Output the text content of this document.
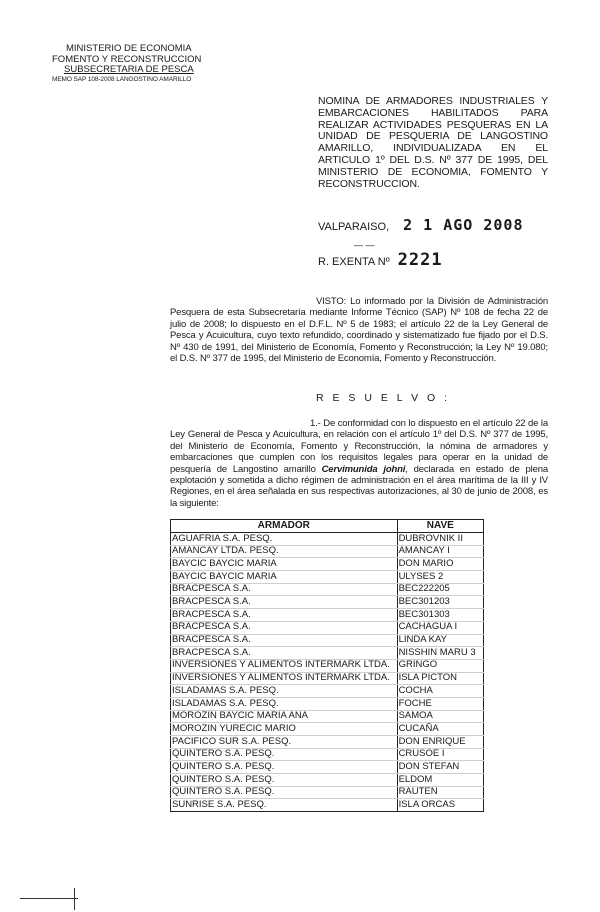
MINISTERIO DE ECONOMIA
FOMENTO Y RECONSTRUCCION
SUBSECRETARIA DE PESCA
MEMO SAP 108-2008 LANGOSTINO AMARILLO
NOMINA DE ARMADORES INDUSTRIALES Y EMBARCACIONES HABILITADOS PARA REALIZAR ACTIVIDADES PESQUERAS EN LA UNIDAD DE PESQUERIA DE LANGOSTINO AMARILLO, INDIVIDUALIZADA EN EL ARTICULO 1º DEL D.S. Nº 377 DE 1995, DEL MINISTERIO DE ECONOMIA, FOMENTO Y RECONSTRUCCION.
VALPARAISO, 2 1 AGO 2008
— —
R. EXENTA Nº 2221
VISTO: Lo informado por la División de Administración Pesquera de esta Subsecretaría mediante Informe Técnico (SAP) Nº 108 de fecha 22 de julio de 2008; lo dispuesto en el D.F.L. Nº 5 de 1983; el artículo 22 de la Ley General de Pesca y Acuicultura, cuyo texto refundido, coordinado y sistematizado fue fijado por el D.S. Nº 430 de 1991, del Ministerio de Economía, Fomento y Reconstrucción; la Ley Nº 19.080; el D.S. Nº 377 de 1995, del Ministerio de Economía, Fomento y Reconstrucción.
R E S U E L V O :
1.- De conformidad con lo dispuesto en el artículo 22 de la Ley General de Pesca y Acuicultura, en relación con el artículo 1º del D.S. Nº 377 de 1995, del Ministerio de Economía, Fomento y Reconstrucción, la nómina de armadores y embarcaciones que cumplen con los requisitos legales para operar en la unidad de pesquería de Langostino amarillo Cervimunida johni, declarada en estado de plena explotación y sometida a dicho régimen de administración en el área marítima de la III y IV Regiones, en el área señalada en sus respectivas autorizaciones, al 30 de junio de 2008, es la siguiente:
ARMADOR	NAVE
AGUAFRIA S.A. PESQ.	DUBROVNIK II
AMANCAY LTDA. PESQ.	AMANCAY I
BAYCIC BAYCIC MARIA	DON MARIO
BAYCIC BAYCIC MARIA	ULYSES 2
BRACPESCA S.A.	BEC222205
BRACPESCA S.A.	BEC301203
BRACPESCA S.A.	BEC301303
BRACPESCA S.A.	CACHAGUA I
BRACPESCA S.A.	LINDA KAY
BRACPESCA S.A.	NISSHIN MARU 3
INVERSIONES Y ALIMENTOS INTERMARK LTDA.	GRINGO
INVERSIONES Y ALIMENTOS INTERMARK LTDA.	ISLA PICTON
ISLADAMAS S.A. PESQ.	COCHA
ISLADAMAS S.A. PESQ.	FOCHE
MOROZIN BAYCIC MARIA ANA	SAMOA
MOROZIN YURECIC MARIO	CUCAÑA
PACIFICO SUR S.A. PESQ.	DON ENRIQUE
QUINTERO S.A. PESQ.	CRUSOE I
QUINTERO S.A. PESQ.	DON STEFAN
QUINTERO S.A. PESQ.	ELDOM
QUINTERO S.A. PESQ.	RAUTEN
SUNRISE S.A. PESQ.	ISLA ORCAS
